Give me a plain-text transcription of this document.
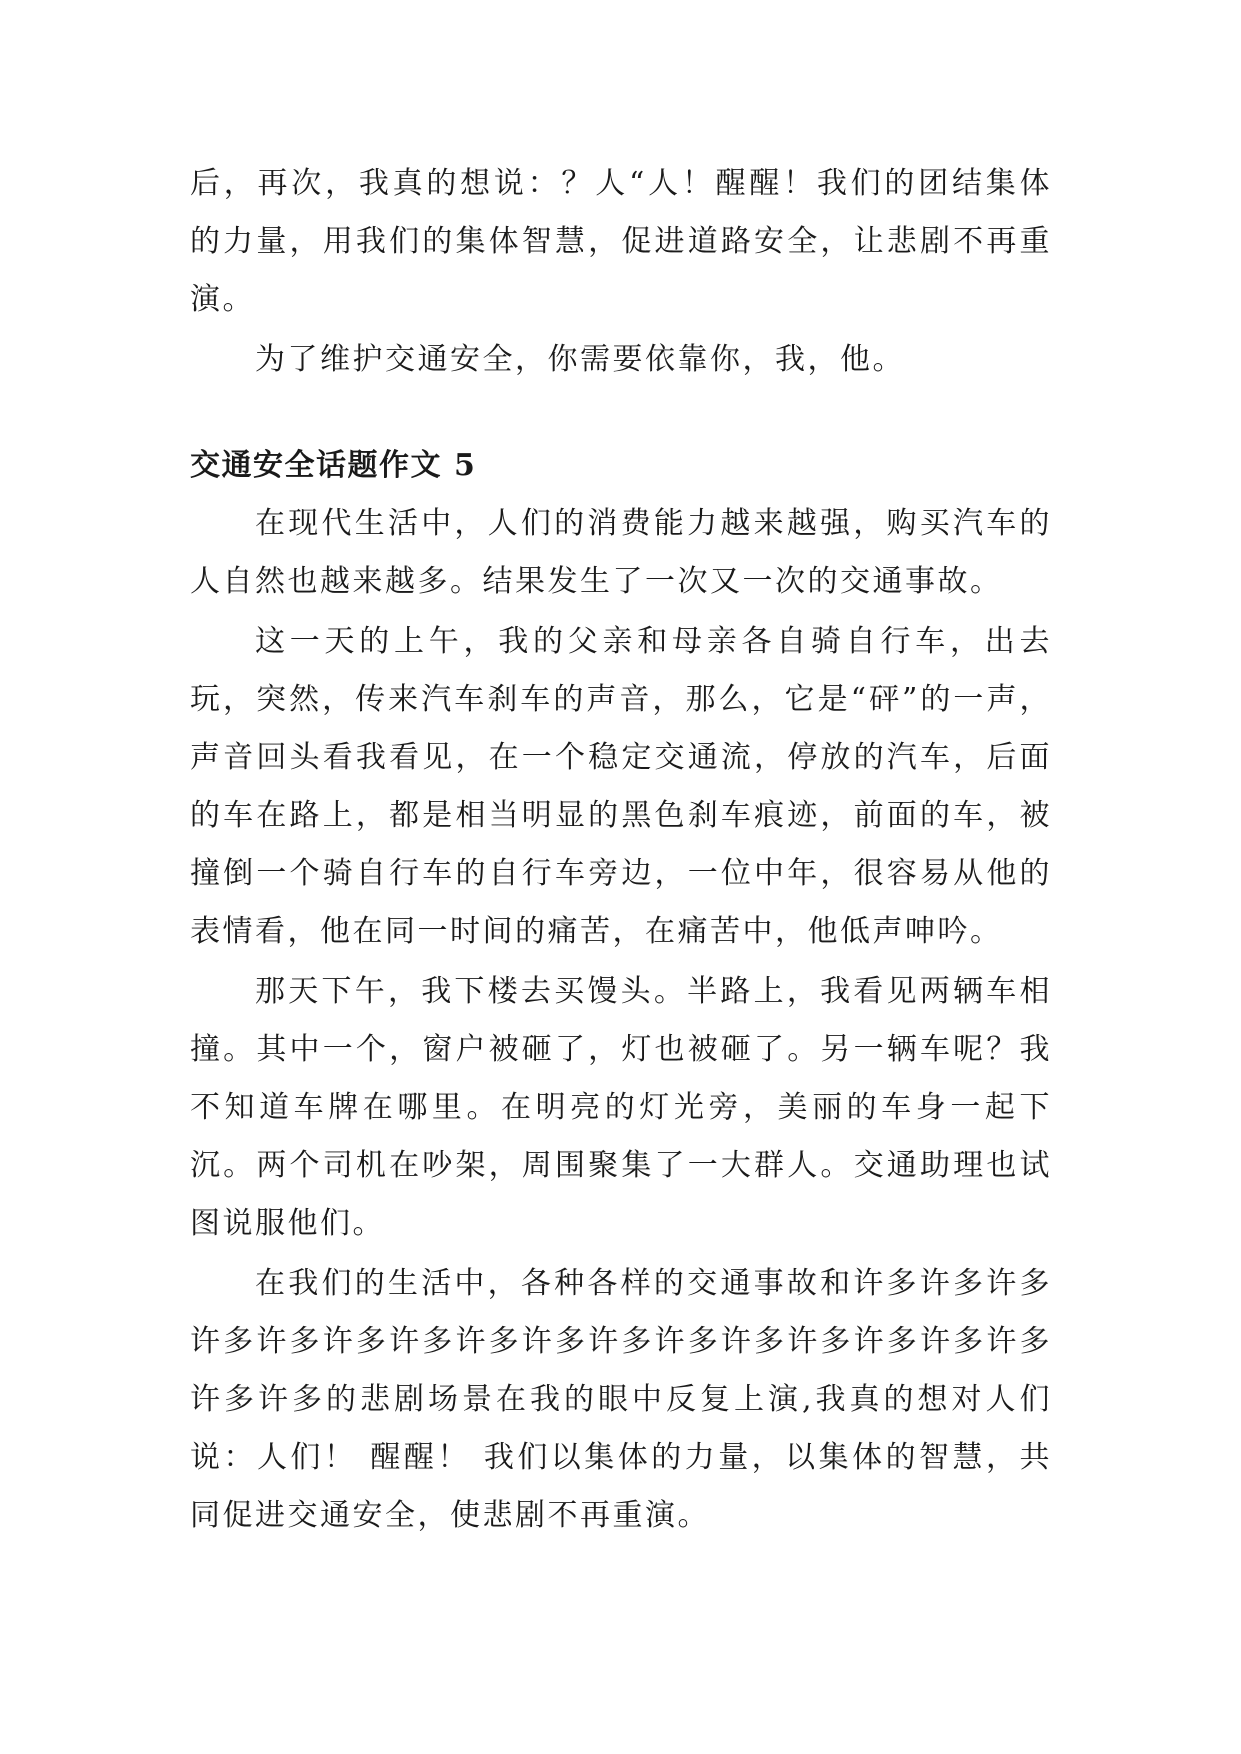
后，再次，我真的想说：？人“人！醒醒！我们的团结集体的力量，用我们的集体智慧，促进道路安全，让悲剧不再重演。

为了维护交通安全，你需要依靠你，我，他。

交通安全话题作文 5

在现代生活中，人们的消费能力越来越强，购买汽车的人自然也越来越多。结果发生了一次又一次的交通事故。

这一天的上午，我的父亲和母亲各自骑自行车，出去玩，突然，传来汽车刹车的声音，那么，它是“砰”的一声，声音回头看我看见，在一个稳定交通流，停放的汽车，后面的车在路上，都是相当明显的黑色刹车痕迹，前面的车，被撞倒一个骑自行车的自行车旁边，一位中年，很容易从他的表情看，他在同一时间的痛苦，在痛苦中，他低声呻吟。

那天下午，我下楼去买馒头。半路上，我看见两辆车相撞。其中一个，窗户被砸了，灯也被砸了。另一辆车呢？我不知道车牌在哪里。在明亮的灯光旁，美丽的车身一起下沉。两个司机在吵架，周围聚集了一大群人。交通助理也试图说服他们。

在我们的生活中，各种各样的交通事故和许多许多许多许多许多许多许多许多许多许多许多许多许多许多许多许多许多许多的悲剧场景在我的眼中反复上演,我真的想对人们说：人们！ 醒醒！ 我们以集体的力量，以集体的智慧，共同促进交通安全，使悲剧不再重演。
